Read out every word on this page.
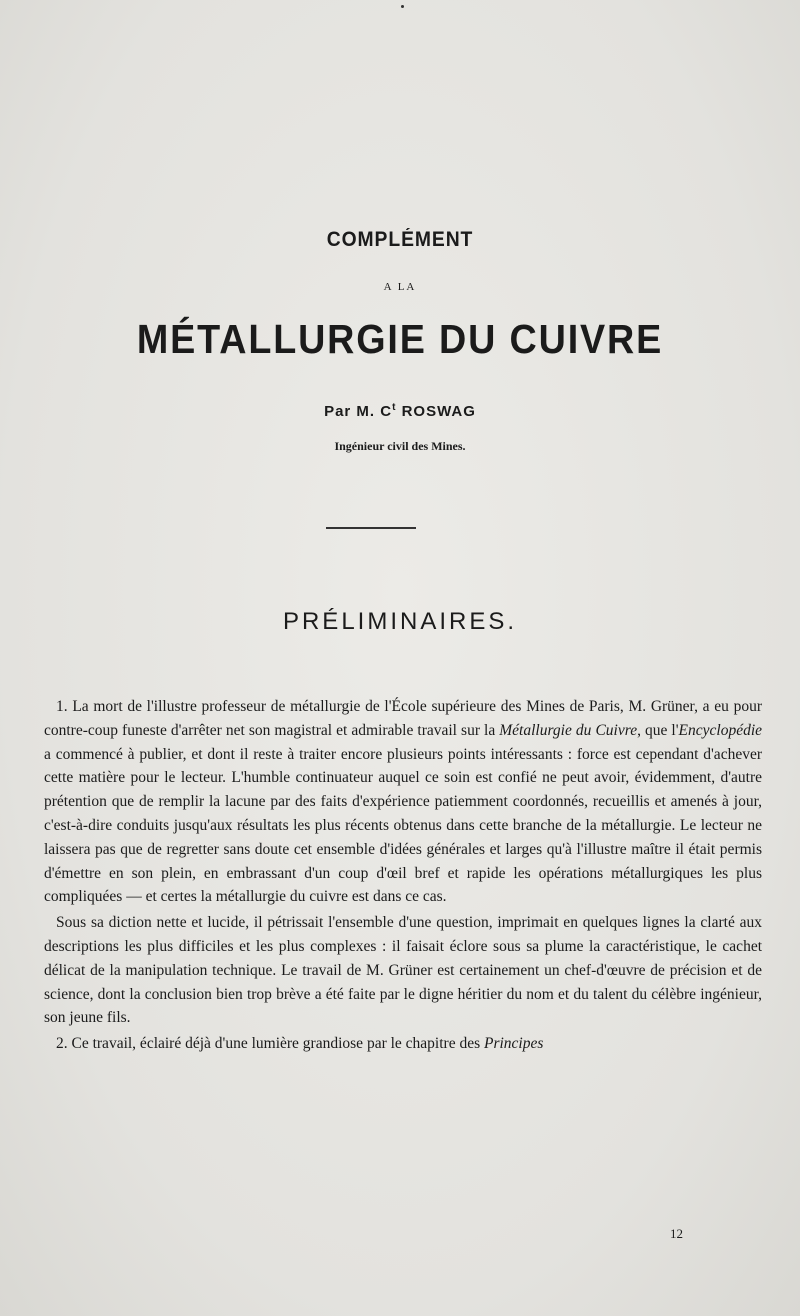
COMPLÉMENT
A LA
MÉTALLURGIE DU CUIVRE
Par M. $C^t$ ROSWAG
Ingénieur civil des Mines.
PRÉLIMINAIRES.

1. La mort de l'illustre professeur de métallurgie de l'École supérieure des Mines de Paris, M. Grüner, a eu pour contre-coup funeste d'arrêter net son magistral et admirable travail sur la Métallurgie du Cuivre, que l'Encyclopédie a commencé à publier, et dont il reste à traiter encore plusieurs points intéressants : force est cependant d'achever cette matière pour le lecteur. L'humble continuateur auquel ce soin est confié ne peut avoir, évidemment, d'autre prétention que de remplir la lacune par des faits d'expérience patiemment coordonnés, recueillis et amenés à jour, c'est-à-dire conduits jusqu'aux résultats les plus récents obtenus dans cette branche de la métallurgie. Le lecteur ne laissera pas que de regretter sans doute cet ensemble d'idées générales et larges qu'à l'illustre maître il était permis d'émettre en son plein, en embrassant d'un coup d'œil bref et rapide les opérations métallurgiques les plus compliquées — et certes la métallurgie du cuivre est dans ce cas.

Sous sa diction nette et lucide, il pétrissait l'ensemble d'une question, imprimait en quelques lignes la clarté aux descriptions les plus difficiles et les plus complexes : il faisait éclore sous sa plume la caractéristique, le cachet délicat de la manipulation technique. Le travail de M. Grüner est certainement un chef-d'œuvre de précision et de science, dont la conclusion bien trop brève a été faite par le digne héritier du nom et du talent du célèbre ingénieur, son jeune fils.

2. Ce travail, éclairé déjà d'une lumière grandiose par le chapitre des Principes

12
